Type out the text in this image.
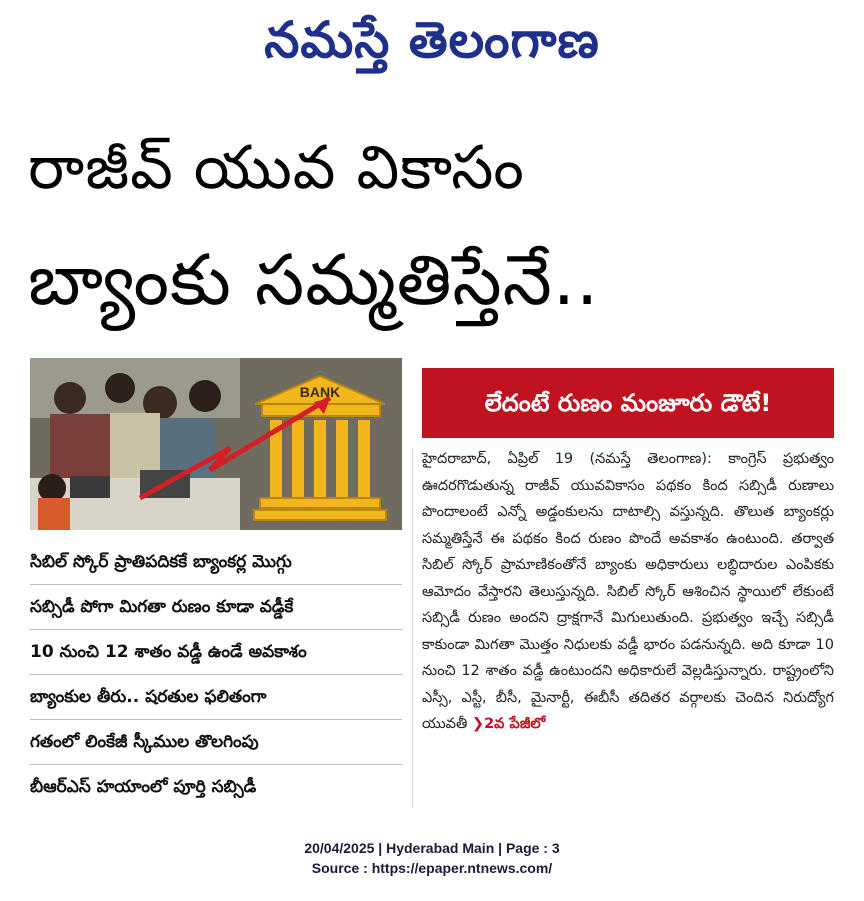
నమస్తే తెలంగాణ
రాజీవ్ యువ వికాసం
బ్యాంకు సమ్మతిస్తేనే..
BANK
సిబిల్ స్కోర్ ప్రాతిపదికకే బ్యాంకర్ల మొగ్గు
సబ్సిడీ పోగా మిగతా రుణం కూడా వడ్డీకే
10 నుంచి 12 శాతం వడ్డీ ఉండే అవకాశం
బ్యాంకుల తీరు.. షరతుల ఫలితంగా
గతంలో లింకేజీ స్కీముల తొలగింపు
బీఆర్ఎస్ హయాంలో పూర్తి సబ్సిడీ
లేదంటే రుణం మంజూరు డౌటే!
హైదరాబాద్, ఏప్రిల్ 19 (నమస్తే తెలంగాణ): కాంగ్రెస్ ప్రభుత్వం ఊదరగొడుతున్న రాజీవ్ యువవికాసం పథకం కింద సబ్సిడీ రుణాలు పొందాలంటే ఎన్నో అడ్డంకులను దాటాల్సి వస్తున్నది. తొలుత బ్యాంకర్లు సమ్మతిస్తేనే ఈ పథకం కింద రుణం పొందే అవకాశం ఉంటుంది. తర్వాత సిబిల్ స్కోర్ ప్రామాణికంతోనే బ్యాంకు అధికారులు లబ్ధిదారుల ఎంపికకు ఆమోదం వేస్తారని తెలుస్తున్నది. సిబిల్ స్కోర్ ఆశించిన స్థాయిలో లేకుంటే సబ్సిడీ రుణం అందని ద్రాక్షగానే మిగులుతుంది. ప్రభుత్వం ఇచ్చే సబ్సిడీ కాకుండా మిగతా మొత్తం నిధులకు వడ్డీ భారం పడనున్నది. అది కూడా 10 నుంచి 12 శాతం వడ్డీ ఉంటుందని అధికారులే వెల్లడిస్తున్నారు. రాష్ట్రంలోని ఎస్సీ, ఎస్టీ, బీసీ, మైనార్టీ, ఈబీసీ తదితర వర్గాలకు చెందిన నిరుద్యోగ యువతీ ❯2వ పేజీలో
20/04/2025 | Hyderabad Main | Page : 3
Source : https://epaper.ntnews.com/
